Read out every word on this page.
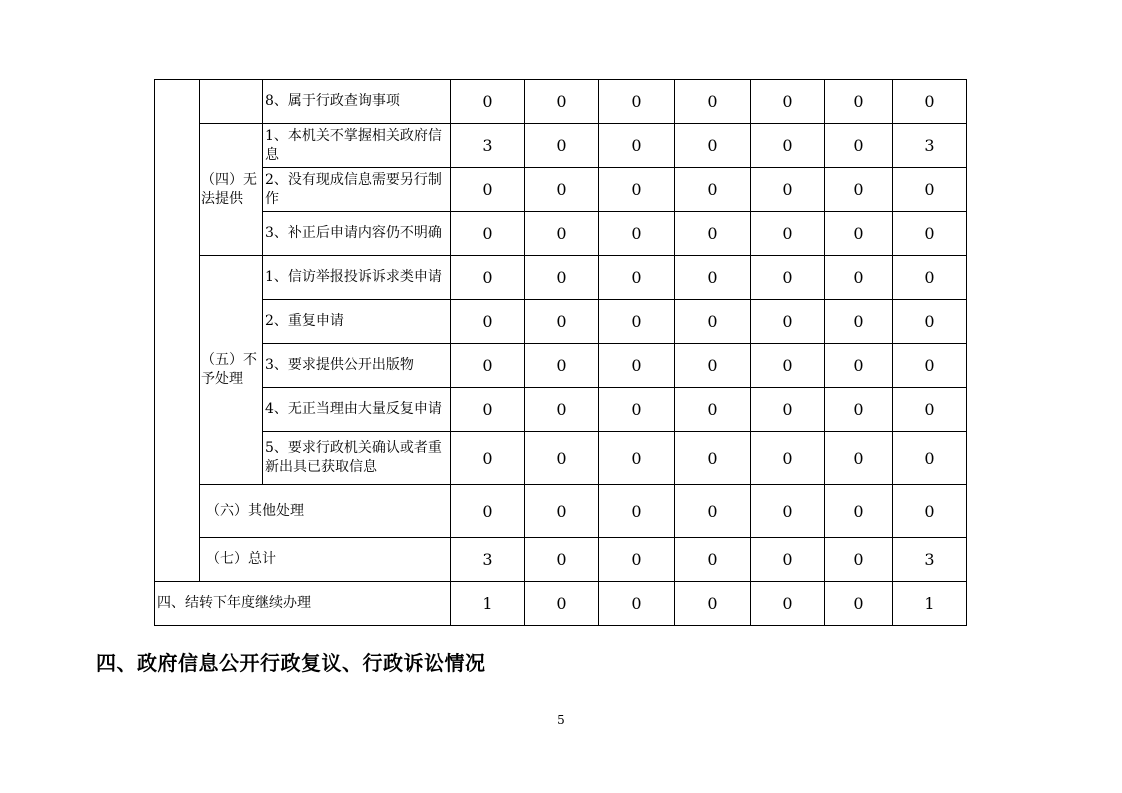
		8、属于行政查询事项	0	0	0	0	0	0	0
	（四）无法提供	1、本机关不掌握相关政府信息	3	0	0	0	0	0	3
		2、没有现成信息需要另行制作	0	0	0	0	0	0	0
		3、补正后申请内容仍不明确	0	0	0	0	0	0	0
	（五）不予处理	1、信访举报投诉诉求类申请	0	0	0	0	0	0	0
		2、重复申请	0	0	0	0	0	0	0
		3、要求提供公开出版物	0	0	0	0	0	0	0
		4、无正当理由大量反复申请	0	0	0	0	0	0	0
		5、要求行政机关确认或者重新出具已获取信息	0	0	0	0	0	0	0
	（六）其他处理		0	0	0	0	0	0	0
	（七）总计		3	0	0	0	0	0	3
四、结转下年度继续办理			1	0	0	0	0	0	1
四、政府信息公开行政复议、行政诉讼情况
5
